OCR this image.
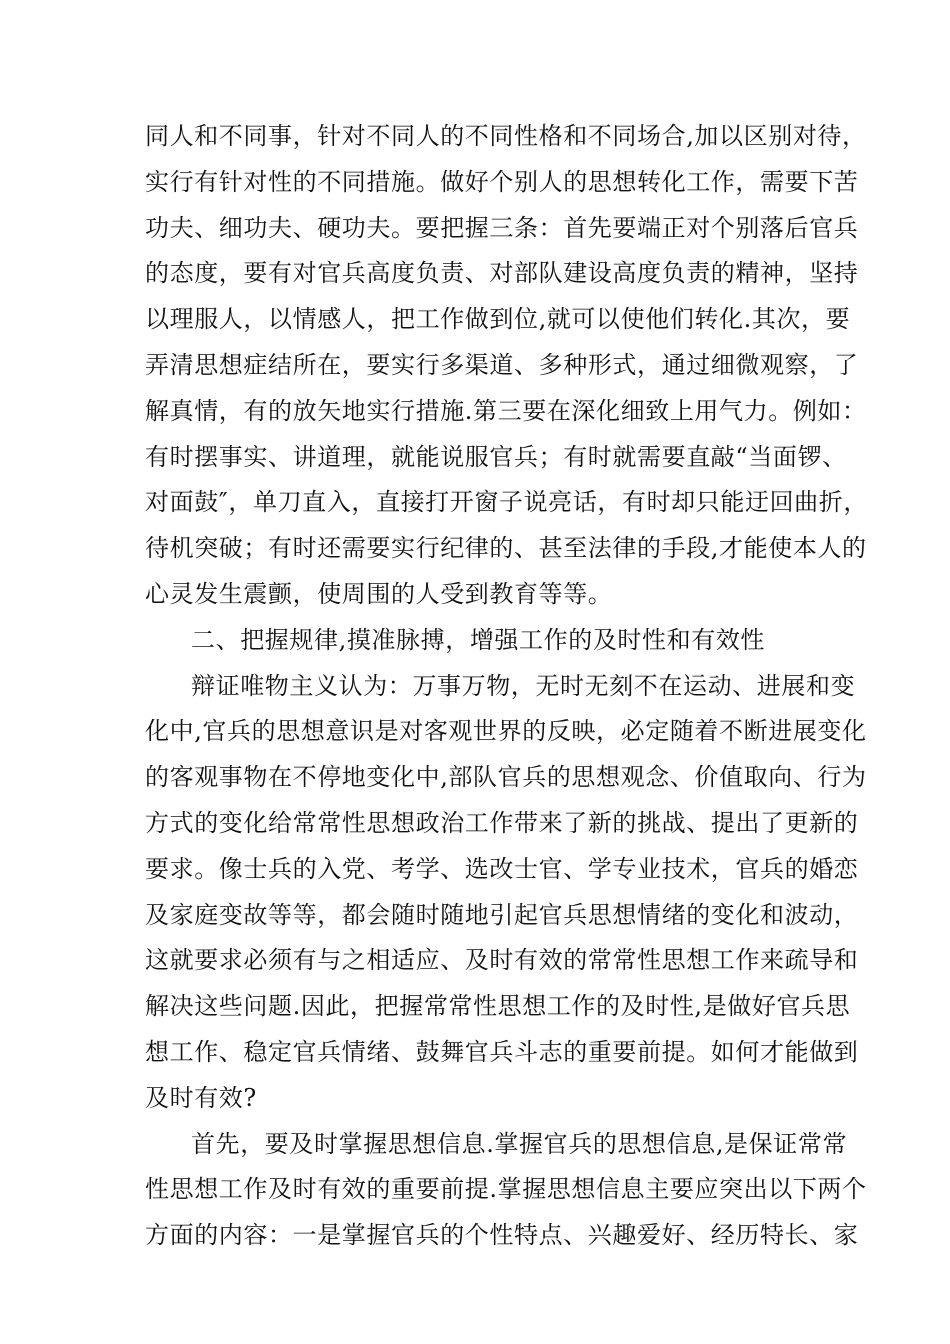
同人和不同事，针对不同人的不同性格和不同场合,加以区别对待，
实行有针对性的不同措施。做好个别人的思想转化工作，需要下苦
功夫、细功夫、硬功夫。要把握三条：首先要端正对个别落后官兵
的态度，要有对官兵高度负责、对部队建设高度负责的精神，坚持
以理服人，以情感人，把工作做到位,就可以使他们转化.其次，要
弄清思想症结所在，要实行多渠道、多种形式，通过细微观察，了
解真情，有的放矢地实行措施.第三要在深化细致上用气力。例如：
有时摆事实、讲道理，就能说服官兵；有时就需要直敲“当面锣、
对面鼓″，单刀直入，直接打开窗子说亮话，有时却只能迂回曲折，
待机突破；有时还需要实行纪律的、甚至法律的手段,才能使本人的
心灵发生震颤，使周围的人受到教育等等。
二、把握规律,摸准脉搏，增强工作的及时性和有效性
辩证唯物主义认为：万事万物，无时无刻不在运动、进展和变
化中,官兵的思想意识是对客观世界的反映，必定随着不断进展变化
的客观事物在不停地变化中,部队官兵的思想观念、价值取向、行为
方式的变化给常常性思想政治工作带来了新的挑战、提出了更新的
要求。像士兵的入党、考学、选改士官、学专业技术，官兵的婚恋
及家庭变故等等，都会随时随地引起官兵思想情绪的变化和波动，
这就要求必须有与之相适应、及时有效的常常性思想工作来疏导和
解决这些问题.因此，把握常常性思想工作的及时性,是做好官兵思
想工作、稳定官兵情绪、鼓舞官兵斗志的重要前提。如何才能做到
及时有效?
首先，要及时掌握思想信息.掌握官兵的思想信息,是保证常常
性思想工作及时有效的重要前提.掌握思想信息主要应突出以下两个
方面的内容：一是掌握官兵的个性特点、兴趣爱好、经历特长、家
